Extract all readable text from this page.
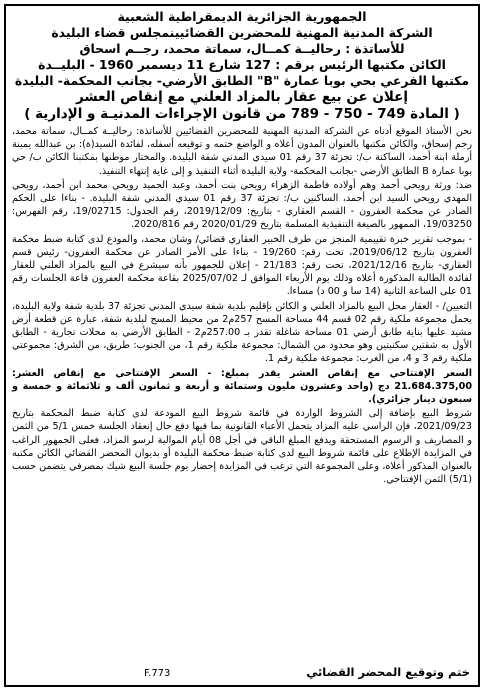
الجمهورية الجزائرية الديمقراطية الشعبية

الشركة المدنية المهنية للمحضرين القضائيينمجلس قضاء البليدة

للأساتذة : رحاليــة كمــال، سماتة محمد، رجــم اسحاق

الكائن مكتبها الرئيس برقم : 127 شارع 11 ديسمبر 1960 - البليــدة

مكتبها الفرعي بحي بوبا عمارة "B" الطابق الأرضي- بجانب المحكمة- البليدة

إعلان عن بيع عقار بالمزاد العلني مع إنقاص العشر

( المادة 749 - 750 - 789 من قانون الإجراءات المدنيـة و الإدارية )

نحن الأستاذ الموقع أدناه عن الشركة المدنية المهنية للمحضرين القضائيين للأساتذة: رحاليــة كمــال، سماتة محمد، رجم إسحاق، والكائن مكتبها بالعنوان المدون أعلاه و الواضع ختمه و توقيعه أسفله، لفائدة السيد(ة): بن عبدالله يمينة أرملة ابنة أحمد، الساكنة ب/: تجزئة 37 رقم 01 سيدي المدني شفة البليدة. والمختار موطنها بمكتبنا الكائن ب/ حي بوبا عمارة B الطابق الأرضي -بجانب المحكمة- ولاية البليدة أثناء التنفيذ و إلى غاية إنتهاء التنفيذ.

ضد: ورثة رويحي أحمد وهم أولاده فاطمة الزهراء رويحي بنت أحمد، وعبد الحميد رويحي محمد ابن أحمد، رويحي المهدي رويحي السيد ابن أحمد، الساكنين ب/: تجزئة 37 رقم 01 سيدي المدني شفة البليدة. - بناءا على الحكم الصادر عن محكمة العفرون - القسم العقاري - بتاريخ: 2019/12/09، رقم الجدول: 19/02715، رقم الفهرس: 19/03250، الممهور بالصيغة التنفيذية المسلمة بتاريخ 2020/01/29 رقم 2020/816.

- بموجب تقرير خبرة تقييمية المنجز من طرف الخبير العقاري قضائي/ وشان محمد، والمودع لدى كتابة ضبط محكمة العفرون بتاريخ 2019/06/12، تحت رقم: 19/260 - بناءا على الأمر الصادر عن محكمة العفرون- رئيس قسم العقاري- بتاريخ 2021/12/16، تحت رقم: 21/183 - إعلان للجمهور بأنه سيشرع في البيع بالمزاد العلني للعقار لفائدة الطالبة المذكورة أعلاه وذلك يوم الأربعاء الموافق لـ 2025/07/02 بقاعة محكمة العفرون قاعة الجلسات رقم 01 على الساعة الثانية (14 سا و 00 د) مساءا.

التعيين/ - العقار محل البيع بالمزاد العلني و الكائن بإقليم بلدية شفة سيدي المدني تجزئة 37 بلدية شفة ولاية البليدة، يحمل مجموعة ملكية رقم 02 قسم 44 مساحة المسح 257م2 من محيط المسح لبلدية شفة، عبارة عن قطعة أرض مشيد عليها بناية طابق أرضي 01 مساحة شاغلة تقدر بـ 257.00م2 - الطابق الأرضي به محلات تجارية - الطابق الأول به شقتين سكنيتين وهو محدود من الشمال: مجموعة ملكية رقم 1، من الجنوب: طريق، من الشرق: مجموعتي ملكية رقم 3 و 4، من الغرب: مجموعة ملكية رقم 1.

السعر الإفتتاحي مع إنقاص العشر يقدر بمبلغ: - السعر الإفتتاحي مع إنقاص العشر: 21.684.375,00 دج (واحد وعشرون مليون وستمائة و أربعة و ثمانون ألف و ثلاثمائة و خمسة و سبعون دينار جزائري).

شروط البيع بإضافة إلى الشروط الواردة في قائمة شروط البيع المودعة لدى كتابة ضبط المحكمة بتاريخ 2021/09/23، فإن الراسي عليه المزاد يتحمل الأعباء القانونية بما فيها دفع حال إنعقاد الجلسة خمس 5/1 من الثمن و المصاريف و الرسوم المستحقة ويدفع المبلغ الباقي في أجل 08 أيام الموالية لرسو المزاد، فعلى الجمهور الراغب في المزايدة الإطلاع على قائمة شروط البيع لدى كتابة ضبط محكمة البليدة أو بديوان المحضر القضائي الكائن مكتبه بالعنوان المذكور أعلاه، وعلى المجموعة التي ترغب في المزايدة إحضار يوم جلسة البيع شيك بمصرفي يتضمن حسب (5/1) الثمن الإفتتاحي.

ختم وتوقيع المحضر القضائي
F.773
